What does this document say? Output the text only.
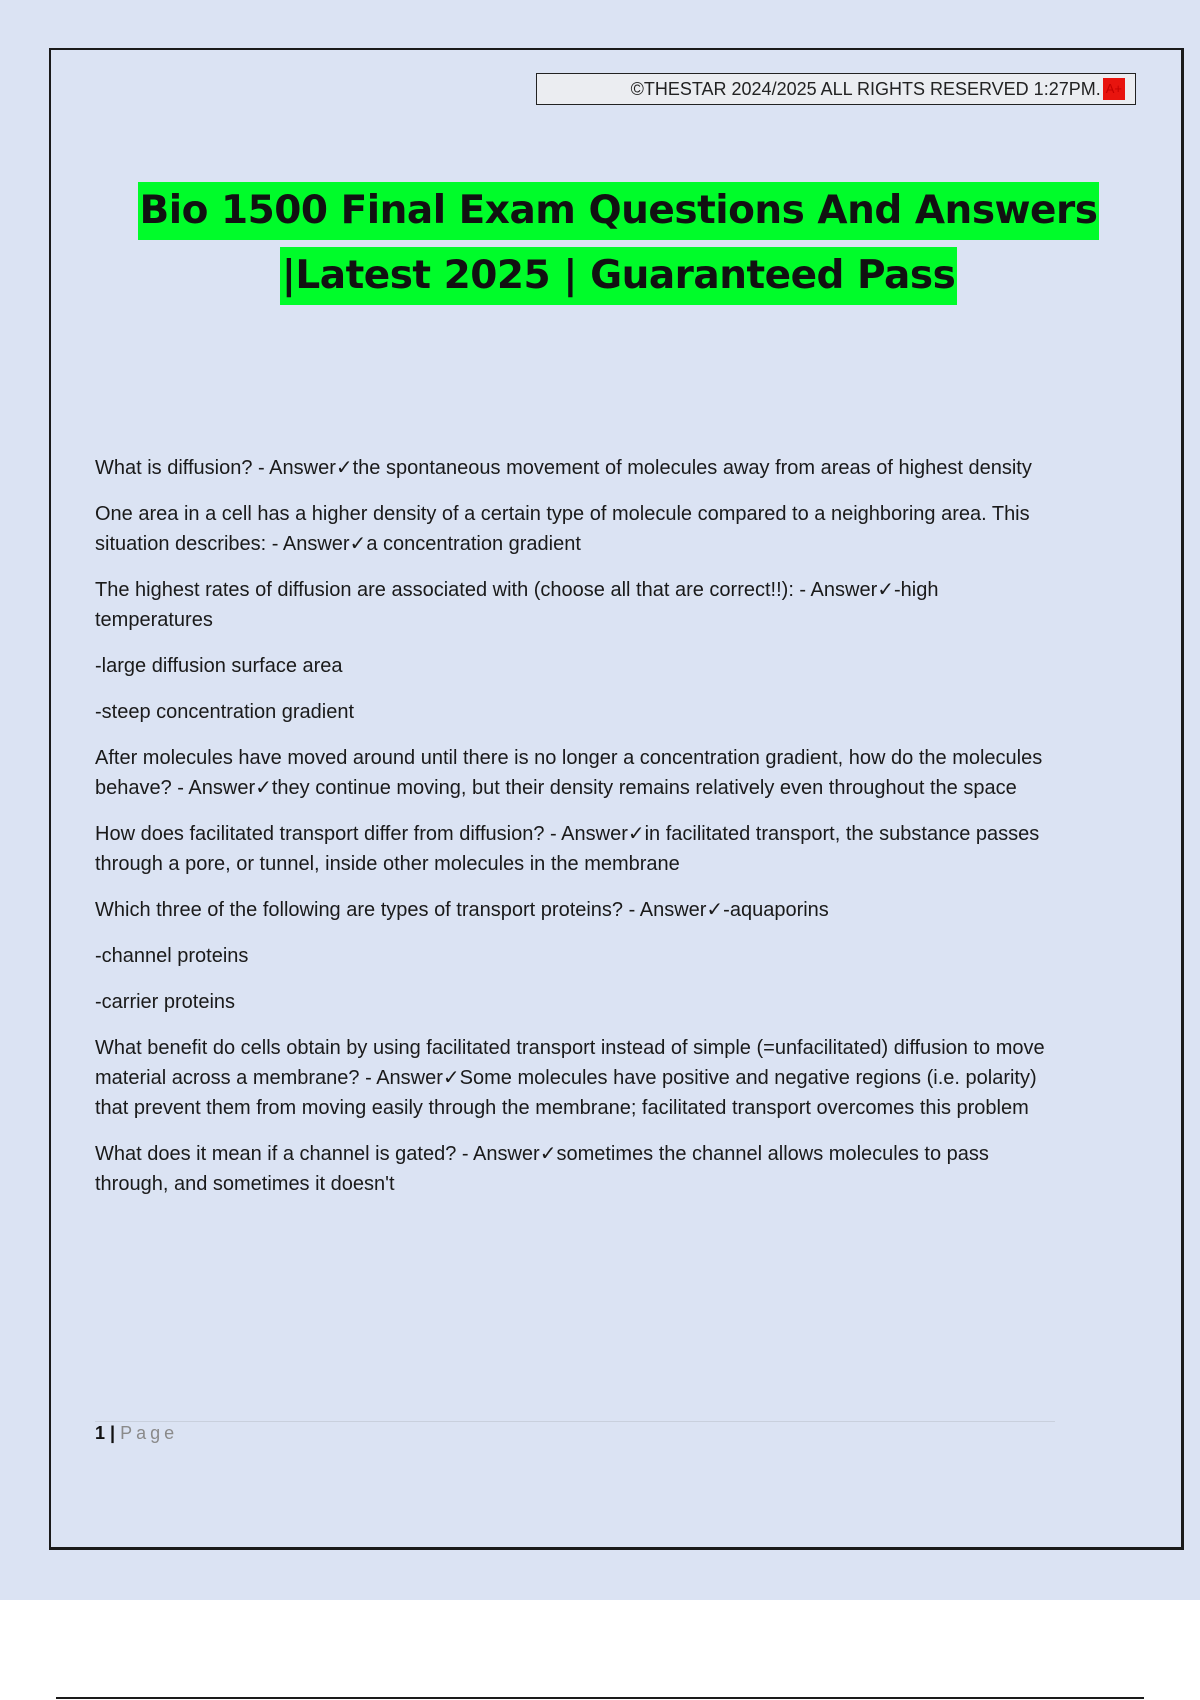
©THESTAR 2024/2025 ALL RIGHTS RESERVED 1:27PM. A+
Bio 1500 Final Exam Questions And Answers
|Latest 2025 | Guaranteed Pass

What is diffusion? - Answer✓the spontaneous movement of molecules away from areas of highest density

One area in a cell has a higher density of a certain type of molecule compared to a neighboring area. This situation describes: - Answer✓a concentration gradient

The highest rates of diffusion are associated with (choose all that are correct!!): - Answer✓-high temperatures

-large diffusion surface area

-steep concentration gradient

After molecules have moved around until there is no longer a concentration gradient, how do the molecules behave? - Answer✓they continue moving, but their density remains relatively even throughout the space

How does facilitated transport differ from diffusion? - Answer✓in facilitated transport, the substance passes through a pore, or tunnel, inside other molecules in the membrane

Which three of the following are types of transport proteins? - Answer✓-aquaporins

-channel proteins

-carrier proteins

What benefit do cells obtain by using facilitated transport instead of simple (=unfacilitated) diffusion to move material across a membrane? - Answer✓Some molecules have positive and negative regions (i.e. polarity) that prevent them from moving easily through the membrane; facilitated transport overcomes this problem

What does it mean if a channel is gated? - Answer✓sometimes the channel allows molecules to pass through, and sometimes it doesn't

1 | Page
